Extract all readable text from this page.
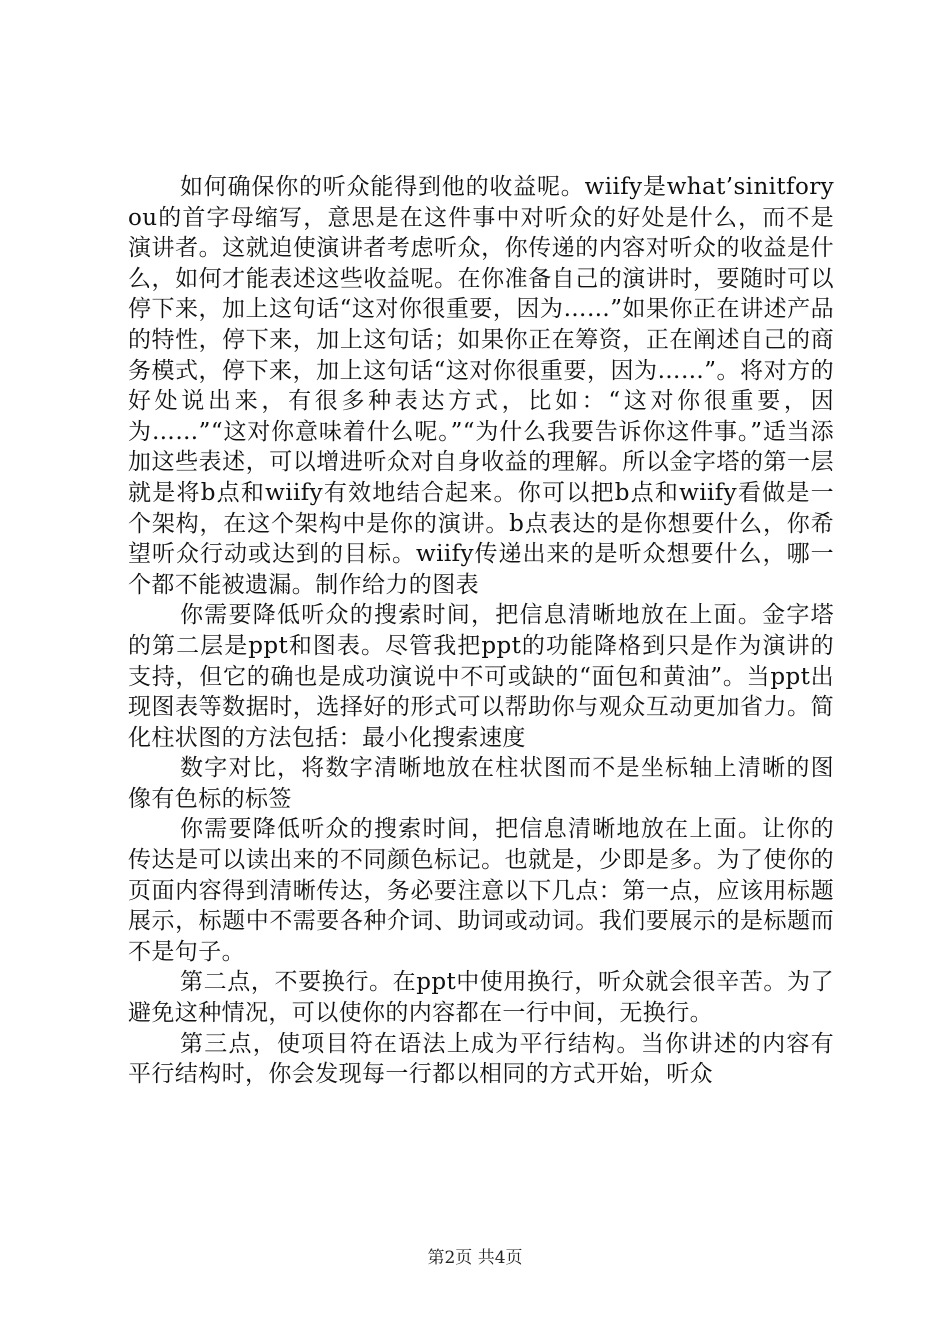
如何确保你的听众能得到他的收益呢。wiify是what’sinitforyou的首字母缩写，意思是在这件事中对听众的好处是什么，而不是演讲者。这就迫使演讲者考虑听众，你传递的内容对听众的收益是什么，如何才能表述这些收益呢。在你准备自己的演讲时，要随时可以停下来，加上这句话“这对你很重要，因为……”如果你正在讲述产品的特性，停下来，加上这句话；如果你正在筹资，正在阐述自己的商务模式，停下来，加上这句话“这对你很重要，因为……”。将对方的好处说出来，有很多种表达方式，比如：“这对你很重要，因为……”“这对你意味着什么呢。”“为什么我要告诉你这件事。”适当添加这些表述，可以增进听众对自身收益的理解。所以金字塔的第一层就是将b点和wiify有效地结合起来。你可以把b点和wiify看做是一个架构，在这个架构中是你的演讲。b点表达的是你想要什么，你希望听众行动或达到的目标。wiify传递出来的是听众想要什么，哪一个都不能被遗漏。制作给力的图表

你需要降低听众的搜索时间，把信息清晰地放在上面。金字塔的第二层是ppt和图表。尽管我把ppt的功能降格到只是作为演讲的支持，但它的确也是成功演说中不可或缺的“面包和黄油”。当ppt出现图表等数据时，选择好的形式可以帮助你与观众互动更加省力。简化柱状图的方法包括：最小化搜索速度

数字对比，将数字清晰地放在柱状图而不是坐标轴上清晰的图像有色标的标签

你需要降低听众的搜索时间，把信息清晰地放在上面。让你的传达是可以读出来的不同颜色标记。也就是，少即是多。为了使你的页面内容得到清晰传达，务必要注意以下几点：第一点，应该用标题展示，标题中不需要各种介词、助词或动词。我们要展示的是标题而不是句子。

第二点，不要换行。在ppt中使用换行，听众就会很辛苦。为了避免这种情况，可以使你的内容都在一行中间，无换行。

第三点，使项目符在语法上成为平行结构。当你讲述的内容有平行结构时，你会发现每一行都以相同的方式开始，听众

第2页 共4页
